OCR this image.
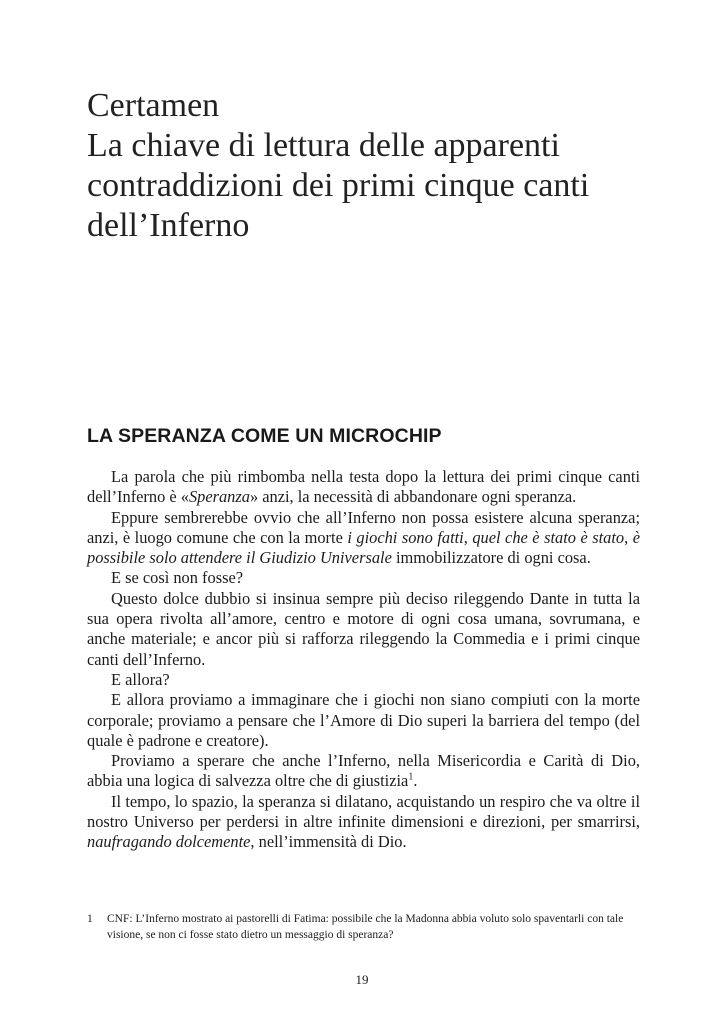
Certamen
La chiave di lettura delle apparenti
contraddizioni dei primi cinque canti
dell’Inferno
LA SPERANZA COME UN MICROCHIP

La parola che più rimbomba nella testa dopo la lettura dei primi cinque canti dell’Inferno è «Speranza» anzi, la necessità di abbandonare ogni speranza.

Eppure sembrerebbe ovvio che all’Inferno non possa esistere alcuna speranza; anzi, è luogo comune che con la morte i giochi sono fatti, quel che è stato è stato, è possibile solo attendere il Giudizio Universale immobilizzatore di ogni cosa.

E se così non fosse?

Questo dolce dubbio si insinua sempre più deciso rileggendo Dante in tutta la sua opera rivolta all’amore, centro e motore di ogni cosa umana, sovrumana, e anche materiale; e ancor più si rafforza rileggendo la Commedia e i primi cinque canti dell’Inferno.

E allora?

E allora proviamo a immaginare che i giochi non siano compiuti con la morte corporale; proviamo a pensare che l’Amore di Dio superi la barriera del tempo (del quale è padrone e creatore).

Proviamo a sperare che anche l’Inferno, nella Misericordia e Carità di Dio, abbia una logica di salvezza oltre che di giustizia$^1$.

Il tempo, lo spazio, la speranza si dilatano, acquistando un respiro che va oltre il nostro Universo per perdersi in altre infinite dimensioni e direzioni, per smarrirsi, naufragando dolcemente, nell’immensità di Dio.

1	CNF: L’Inferno mostrato ai pastorelli di Fatima: possibile che la Madonna abbia voluto solo spaventarli con tale visione, se non ci fosse stato dietro un messaggio di speranza?
19
